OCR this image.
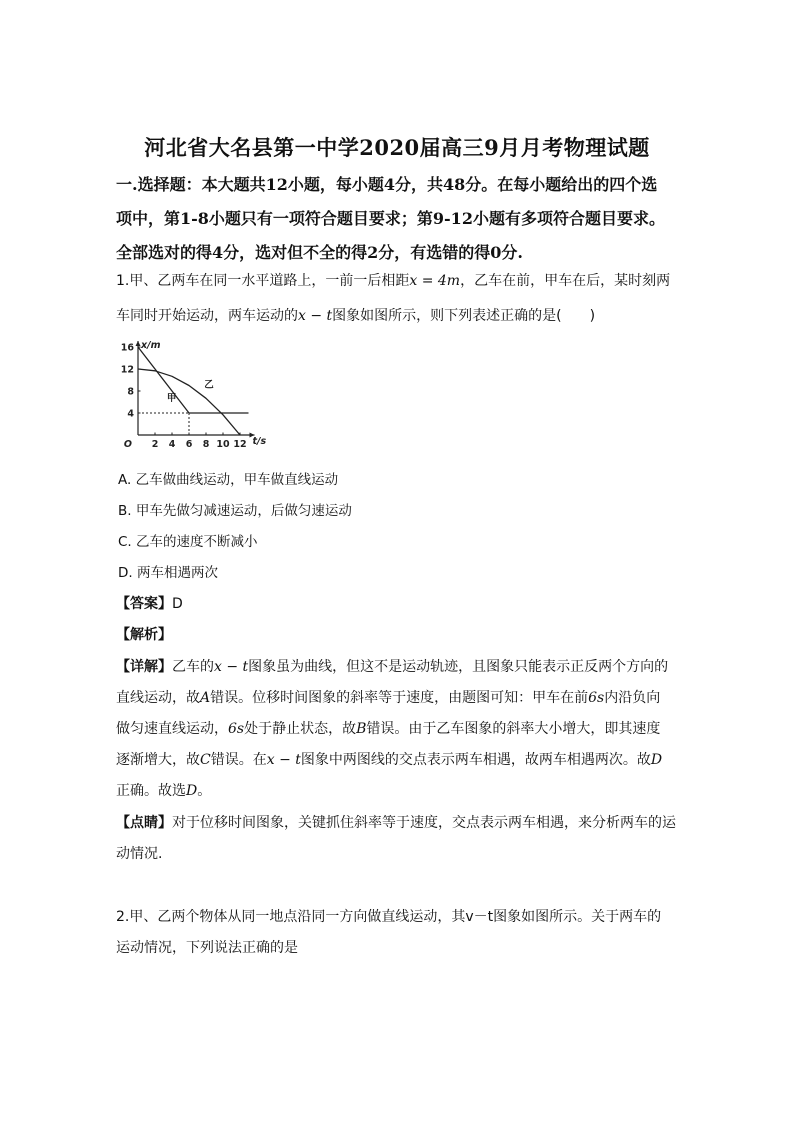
河北省大名县第一中学2020届高三9月月考物理试题
一.选择题：本大题共12小题，每小题4分，共48分。在每小题给出的四个选
项中，第1-8小题只有一项符合题目要求；第9-12小题有多项符合题目要求。
全部选对的得4分，选对但不全的得2分，有选错的得0分.
1.甲、乙两车在同一水平道路上，一前一后相距x = 4m，乙车在前，甲车在后，某时刻两
车同时开始运动，两车运动的x − t图象如图所示，则下列表述正确的是(　　)
2 4 6 8 10 12
4
8
12
16
O
x/m
t/s
甲
乙
A. 乙车做曲线运动，甲车做直线运动
B. 甲车先做匀减速运动，后做匀速运动
C. 乙车的速度不断减小
D. 两车相遇两次
【答案】D
【解析】
【详解】乙车的x − t图象虽为曲线，但这不是运动轨迹，且图象只能表示正反两个方向的
直线运动，故A错误。位移时间图象的斜率等于速度，由题图可知：甲车在前6s内沿负向
做匀速直线运动，6s处于静止状态，故B错误。由于乙车图象的斜率大小增大，即其速度
逐渐增大，故C错误。在x − t图象中两图线的交点表示两车相遇，故两车相遇两次。故D
正确。故选D。
【点睛】对于位移时间图象，关键抓住斜率等于速度，交点表示两车相遇，来分析两车的运
动情况.
2.甲、乙两个物体从同一地点沿同一方向做直线运动，其v－t图象如图所示。关于两车的
运动情况，下列说法正确的是
